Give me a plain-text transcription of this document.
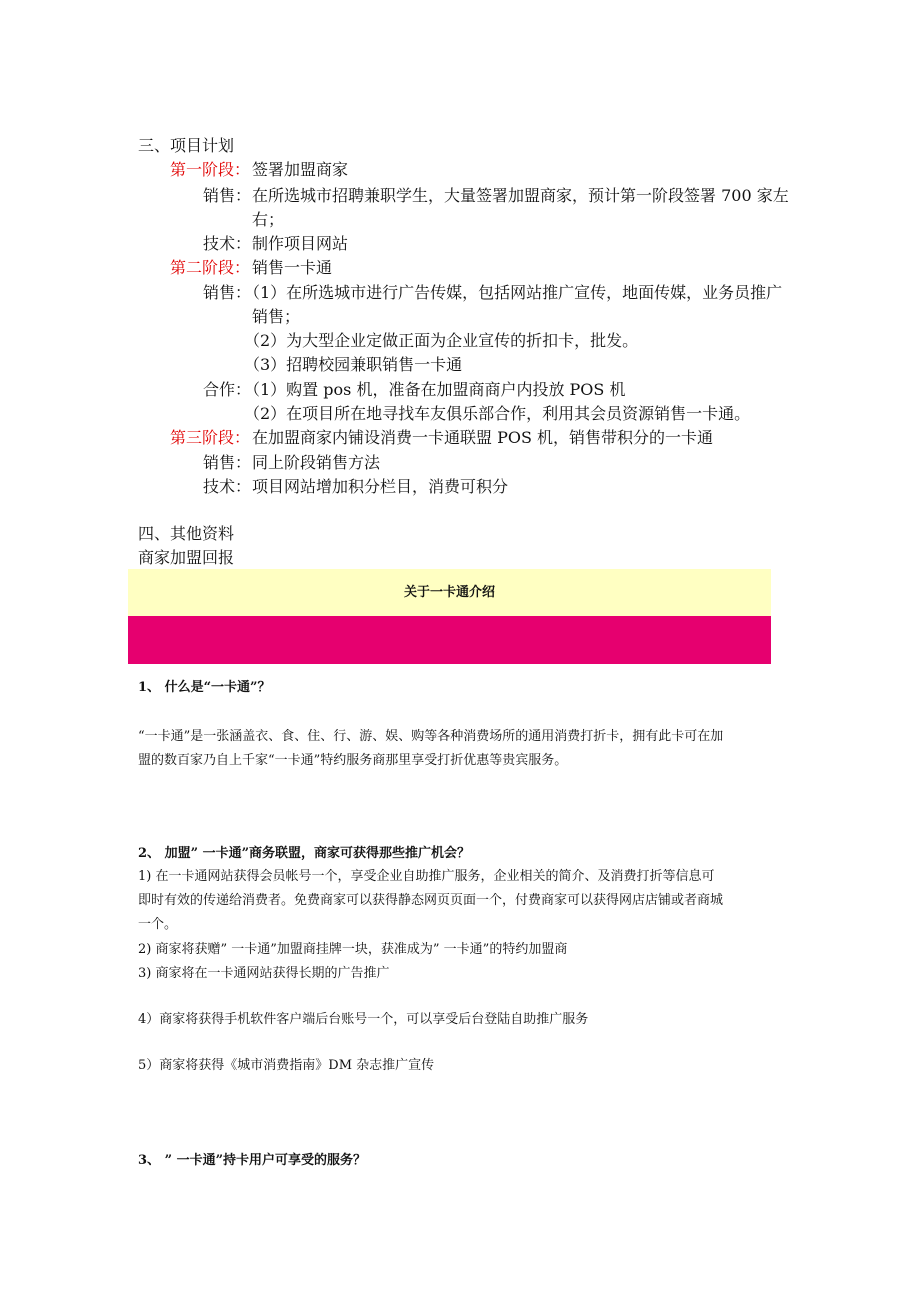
三、项目计划
第一阶段： 签署加盟商家
销售： 在所选城市招聘兼职学生，大量签署加盟商家，预计第一阶段签署 700 家左
右；
技术： 制作项目网站
第二阶段： 销售一卡通
销售：
（1）在所选城市进行广告传媒，包括网站推广宣传，地面传媒，业务员推广
销售；
（2）为大型企业定做正面为企业宣传的折扣卡，批发。
（3）招聘校园兼职销售一卡通
合作：
（1）购置 pos 机，准备在加盟商商户内投放 POS 机
（2）在项目所在地寻找车友俱乐部合作，利用其会员资源销售一卡通。
第三阶段： 在加盟商家内铺设消费一卡通联盟 POS 机，销售带积分的一卡通
销售： 同上阶段销售方法
技术： 项目网站增加积分栏目，消费可积分
四、其他资料
商家加盟回报
关于一卡通介绍
1、 什么是“一卡通”？
“一卡通”是一张涵盖衣、食、住、行、游、娱、购等各种消费场所的通用消费打折卡，拥有此卡可在加
盟的数百家乃自上千家“一卡通”特约服务商那里享受打折优惠等贵宾服务。
2、 加盟” 一卡通”商务联盟，商家可获得那些推广机会？
1) 在一卡通网站获得会员帐号一个，享受企业自助推广服务，企业相关的简介、及消费打折等信息可
即时有效的传递给消费者。免费商家可以获得静态网页页面一个，付费商家可以获得网店店铺或者商城
一个。
2) 商家将获赠” 一卡通”加盟商挂牌一块，获准成为” 一卡通”的特约加盟商
3) 商家将在一卡通网站获得长期的广告推广
4）商家将获得手机软件客户端后台账号一个，可以享受后台登陆自助推广服务
5）商家将获得《城市消费指南》DM 杂志推广宣传
3、 ” 一卡通”持卡用户可享受的服务？
